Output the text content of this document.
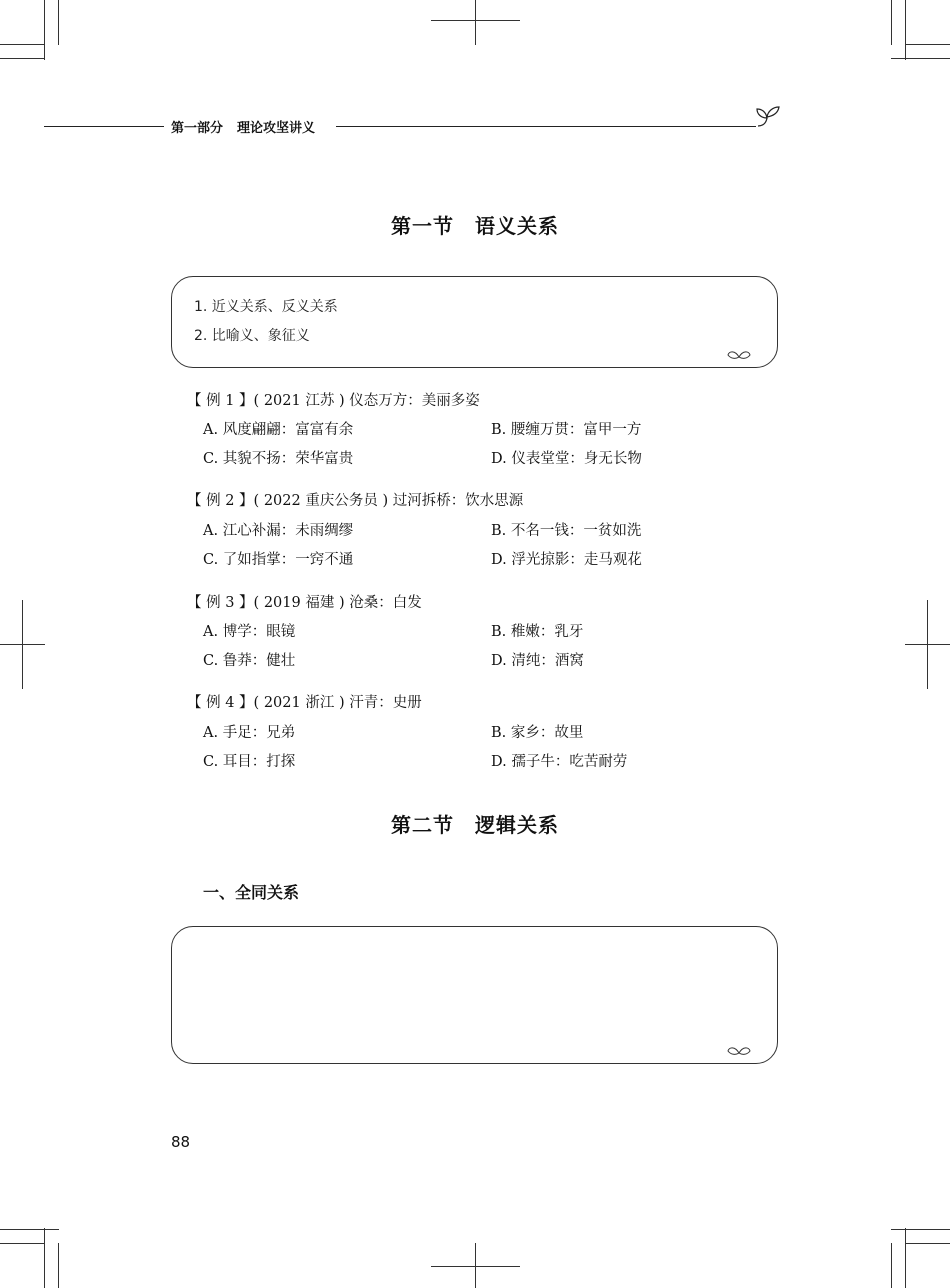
第一部分 理论攻坚讲义
第一节　语义关系
1. 近义关系、反义关系
2. 比喻义、象征义
【 例 1 】( 2021 江苏 ) 仪态万方：美丽多姿
A. 风度翩翩：富富有余	B. 腰缠万贯：富甲一方
C. 其貌不扬：荣华富贵	D. 仪表堂堂：身无长物
【 例 2 】( 2022 重庆公务员 ) 过河拆桥：饮水思源
A. 江心补漏：未雨绸缪	B. 不名一钱：一贫如洗
C. 了如指掌：一窍不通	D. 浮光掠影：走马观花
【 例 3 】( 2019 福建 ) 沧桑：白发
A. 博学：眼镜	B. 稚嫩：乳牙
C. 鲁莽：健壮	D. 清纯：酒窝
【 例 4 】( 2021 浙江 ) 汗青：史册
A. 手足：兄弟	B. 家乡：故里
C. 耳目：打探	D. 孺子牛：吃苦耐劳
第二节　逻辑关系
一、全同关系
88
